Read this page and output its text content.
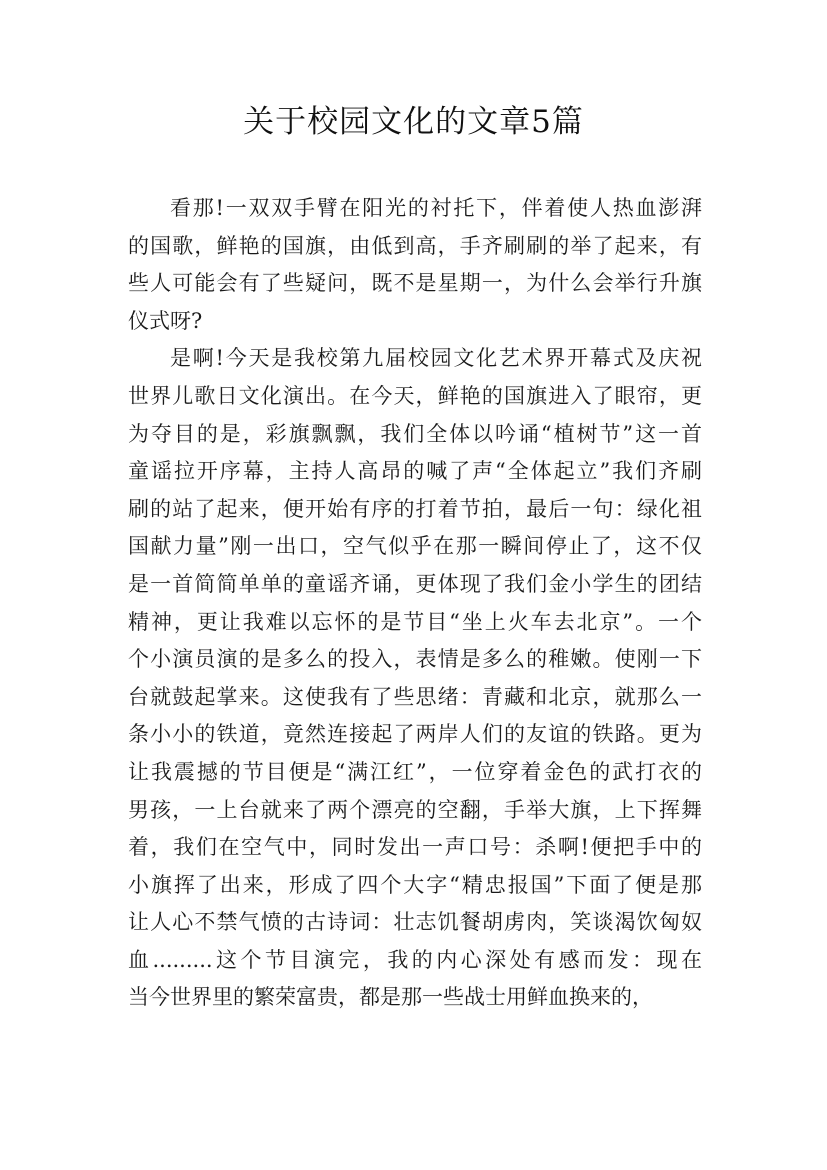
关于校园文化的文章5篇

看那!一双双手臂在阳光的衬托下，伴着使人热血澎湃
的国歌，鲜艳的国旗，由低到高，手齐刷刷的举了起来，有
些人可能会有了些疑问，既不是星期一，为什么会举行升旗
仪式呀?

是啊!今天是我校第九届校园文化艺术界开幕式及庆祝
世界儿歌日文化演出。在今天，鲜艳的国旗进入了眼帘，更
为夺目的是，彩旗飘飘，我们全体以吟诵“植树节”这一首
童谣拉开序幕，主持人高昂的喊了声“全体起立”我们齐刷
刷的站了起来，便开始有序的打着节拍，最后一句：绿化祖
国献力量”刚一出口，空气似乎在那一瞬间停止了，这不仅
是一首简简单单的童谣齐诵，更体现了我们金小学生的团结
精神，更让我难以忘怀的是节目“坐上火车去北京”。一个
个小演员演的是多么的投入，表情是多么的稚嫩。使刚一下
台就鼓起掌来。这使我有了些思绪：青藏和北京，就那么一
条小小的铁道，竟然连接起了两岸人们的友谊的铁路。更为
让我震撼的节目便是“满江红”，一位穿着金色的武打衣的
男孩，一上台就来了两个漂亮的空翻，手举大旗，上下挥舞
着，我们在空气中，同时发出一声口号：杀啊!便把手中的
小旗挥了出来，形成了四个大字“精忠报国”下面了便是那
让人心不禁气愤的古诗词：壮志饥餐胡虏肉，笑谈渴饮匈奴
血.........这个节目演完，我的内心深处有感而发：现在
当今世界里的繁荣富贵，都是那一些战士用鲜血换来的，
